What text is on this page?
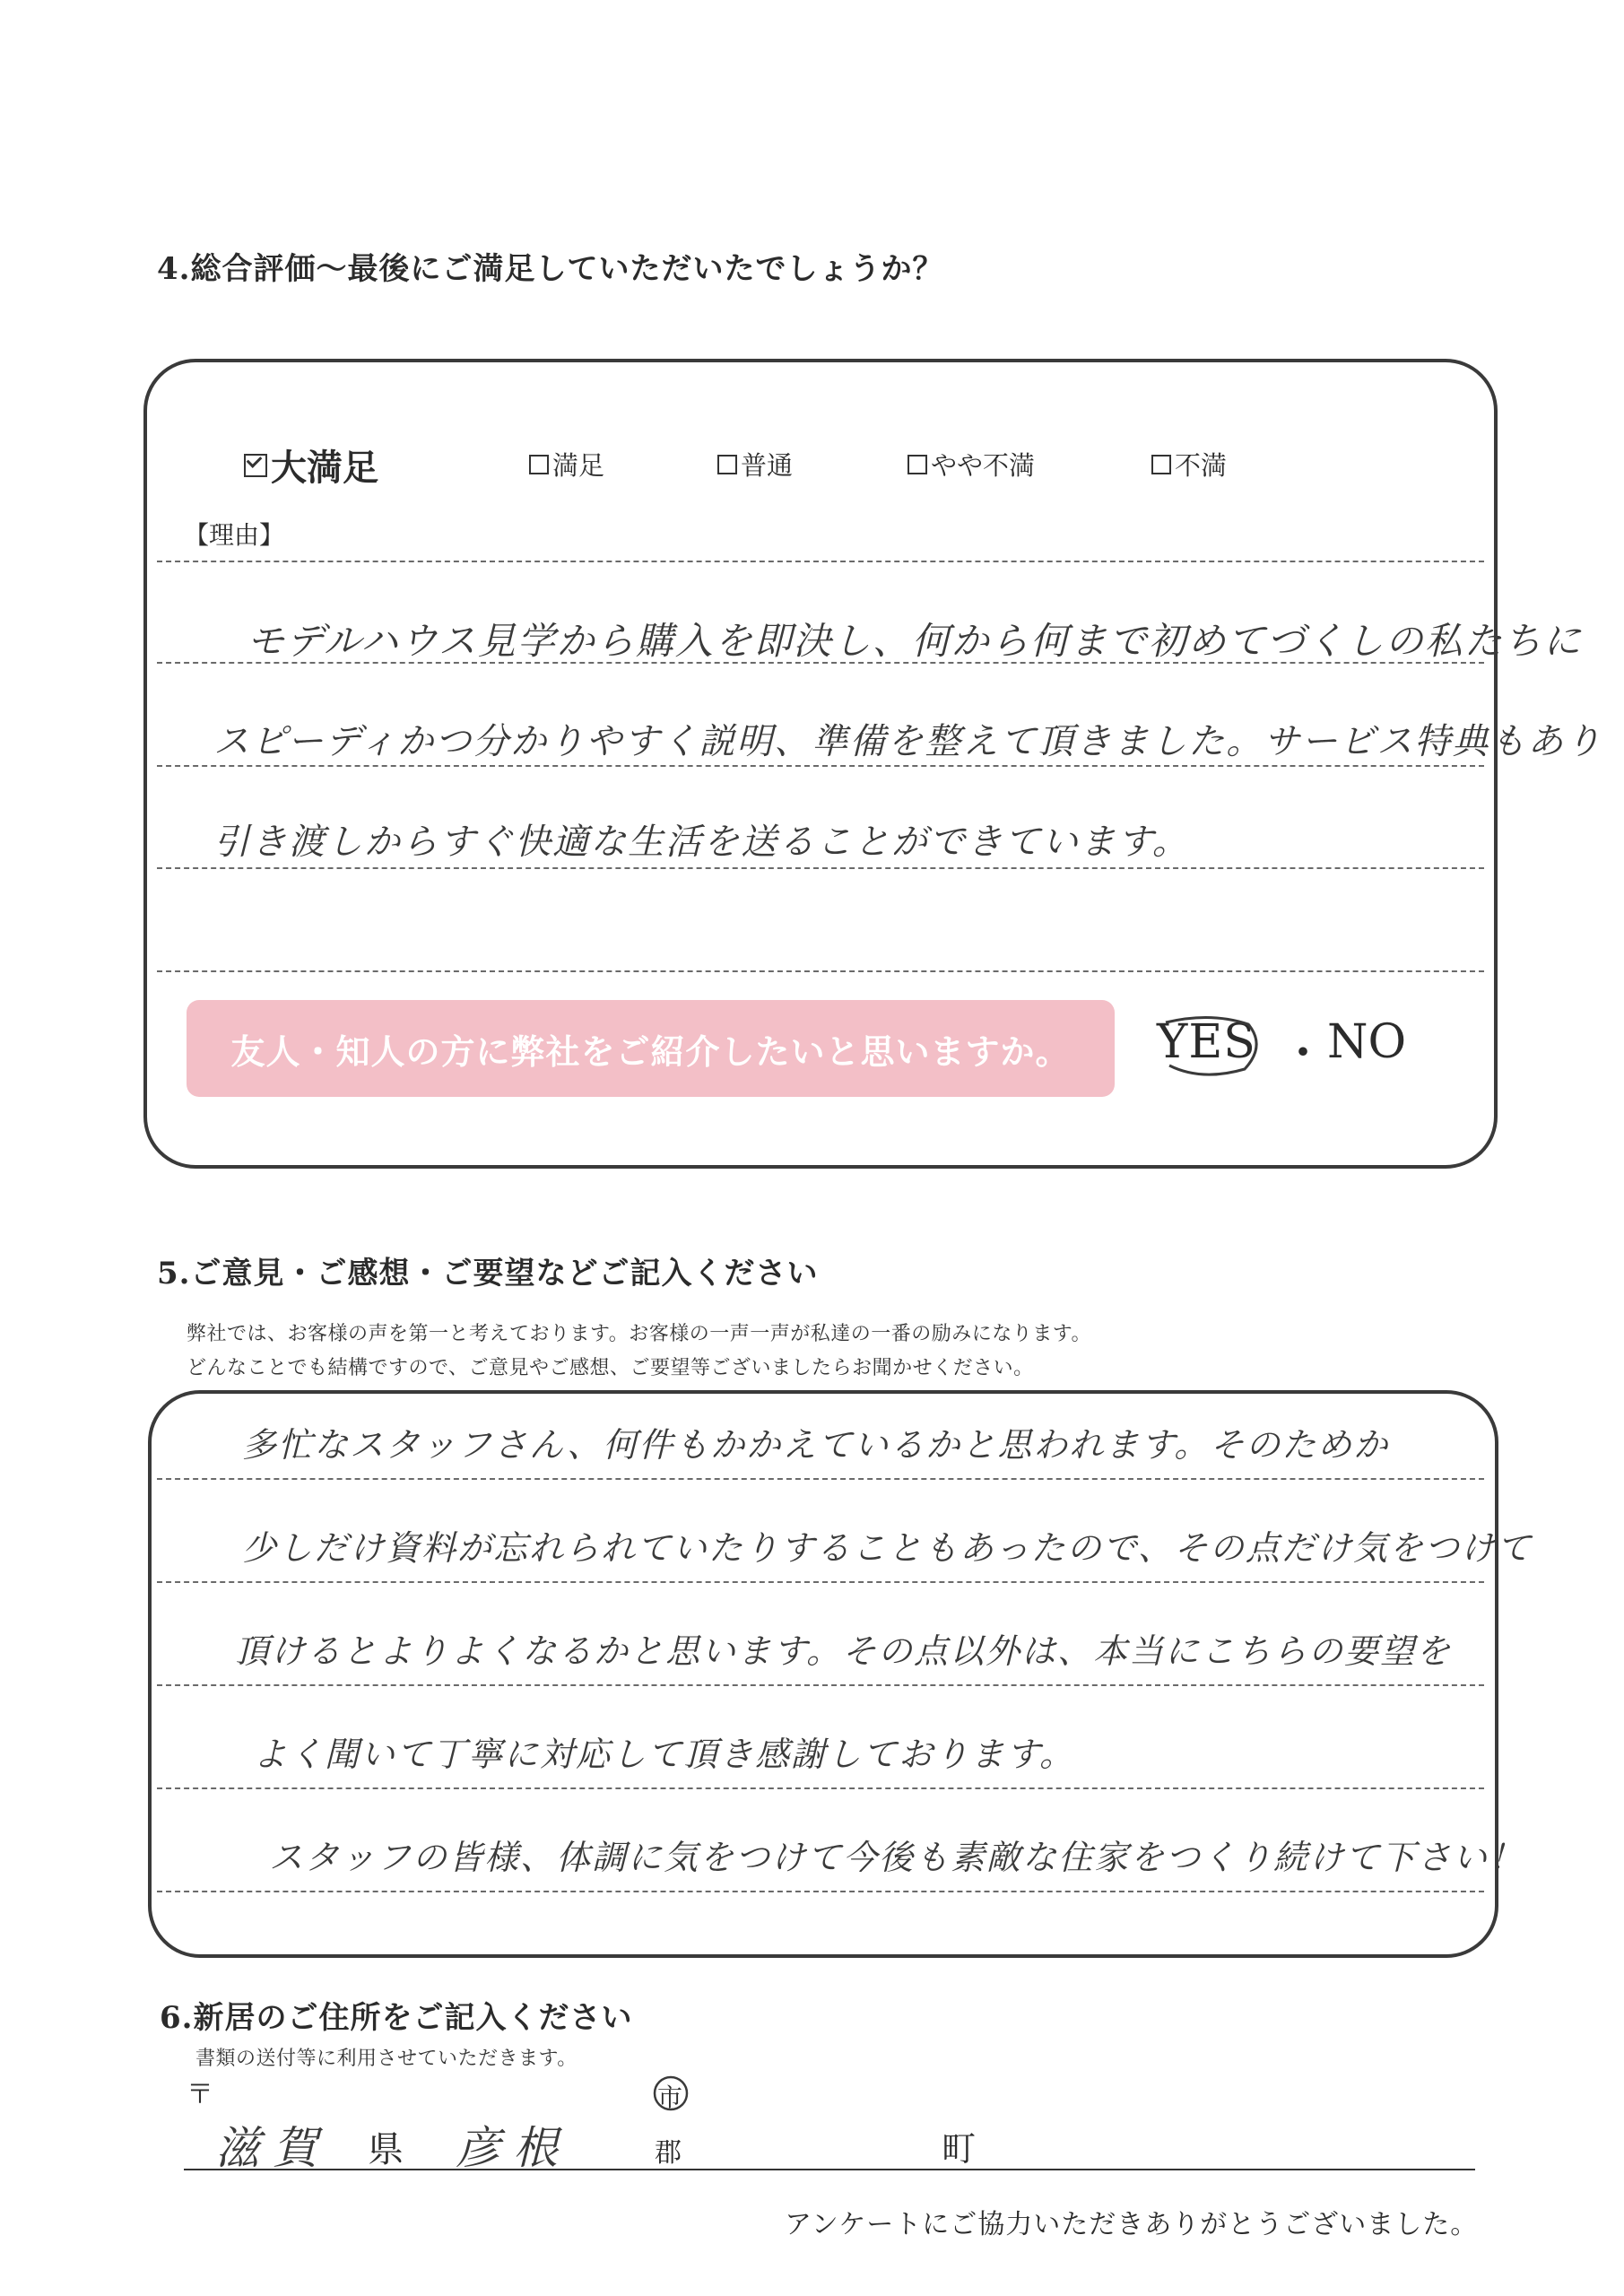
4.総合評価～最後にご満足していただいたでしょうか？
大満足	満足	普通	やや不満	不満
【理由】
モデルハウス見学から購入を即決し、何から何まで初めてづくしの私たちに
スピーディかつ分かりやすく説明、準備を整えて頂きました。サービス特典もあり
引き渡しからすぐ快適な生活を送ることができています。
友人・知人の方に弊社をご紹介したいと思いますか。	YES ・ NO
5.ご意見・ご感想・ご要望などご記入ください
弊社では、お客様の声を第一と考えております。お客様の一声一声が私達の一番の励みになります。
どんなことでも結構ですので、ご意見やご感想、ご要望等ございましたらお聞かせください。
多忙なスタッフさん、何件もかかえているかと思われます。そのためか
少しだけ資料が忘れられていたりすることもあったので、その点だけ気をつけて
頂けるとよりよくなるかと思います。その点以外は、本当にこちらの要望を
よく聞いて丁寧に対応して頂き感謝しております。
スタッフの皆様、体調に気をつけて今後も素敵な住家をつくり続けて下さい！
6.新居のご住所をご記入ください
書類の送付等に利用させていただきます。
〒
滋賀 県 彦根
市
郡	町
アンケートにご協力いただきありがとうございました。
